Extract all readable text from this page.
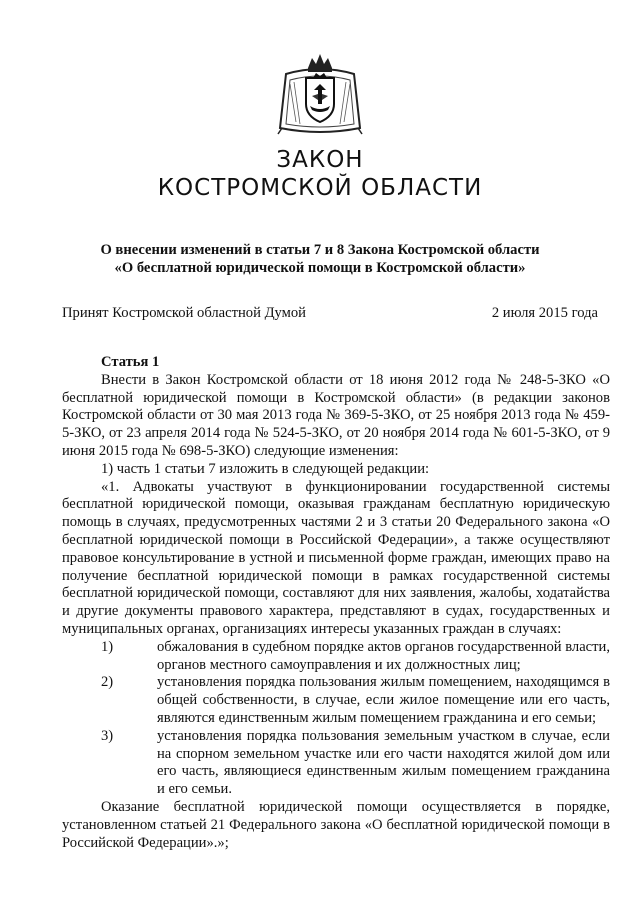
ЗАКОН
КОСТРОМСКОЙ ОБЛАСТИ
О внесении изменений в статьи 7 и 8 Закона Костромской области
«О бесплатной юридической помощи в Костромской области»
Принят Костромской областной Думой	2 июля 2015 года

Статья 1

Внести в Закон Костромской области от 18 июня 2012 года № 248-5-ЗКО «О бесплатной юридической помощи в Костромской области» (в редакции законов Костромской области от 30 мая 2013 года № 369-5-ЗКО, от 25 ноября 2013 года № 459-5-ЗКО, от 23 апреля 2014 года № 524-5-ЗКО, от 20 ноября 2014 года № 601-5-ЗКО, от 9 июня 2015 года № 698-5-ЗКО) следующие изменения:

1) часть 1 статьи 7 изложить в следующей редакции:

«1. Адвокаты участвуют в функционировании государственной системы бесплатной юридической помощи, оказывая гражданам бесплатную юридическую помощь в случаях, предусмотренных частями 2 и 3 статьи 20 Федерального закона «О бесплатной юридической помощи в Российской Федерации», а также осуществляют правовое консультирование в устной и письменной форме граждан, имеющих право на получение бесплатной юридической помощи в рамках государственной системы бесплатной юридической помощи, составляют для них заявления, жалобы, ходатайства и другие документы правового характера, представляют в судах, государственных и муниципальных органах, организациях интересы указанных граждан в случаях:

1)	обжалования в судебном порядке актов органов государственной власти, органов местного самоуправления и их должностных лиц;
2)	установления порядка пользования жилым помещением, находящимся в общей собственности, в случае, если жилое помещение или его часть, являются единственным жилым помещением гражданина и его семьи;
3)	установления порядка пользования земельным участком в случае, если на спорном земельном участке или его части находятся жилой дом или его часть, являющиеся единственным жилым помещением гражданина и его семьи.

Оказание бесплатной юридической помощи осуществляется в порядке, установленном статьей 21 Федерального закона «О бесплатной юридической помощи в Российской Федерации».»;
